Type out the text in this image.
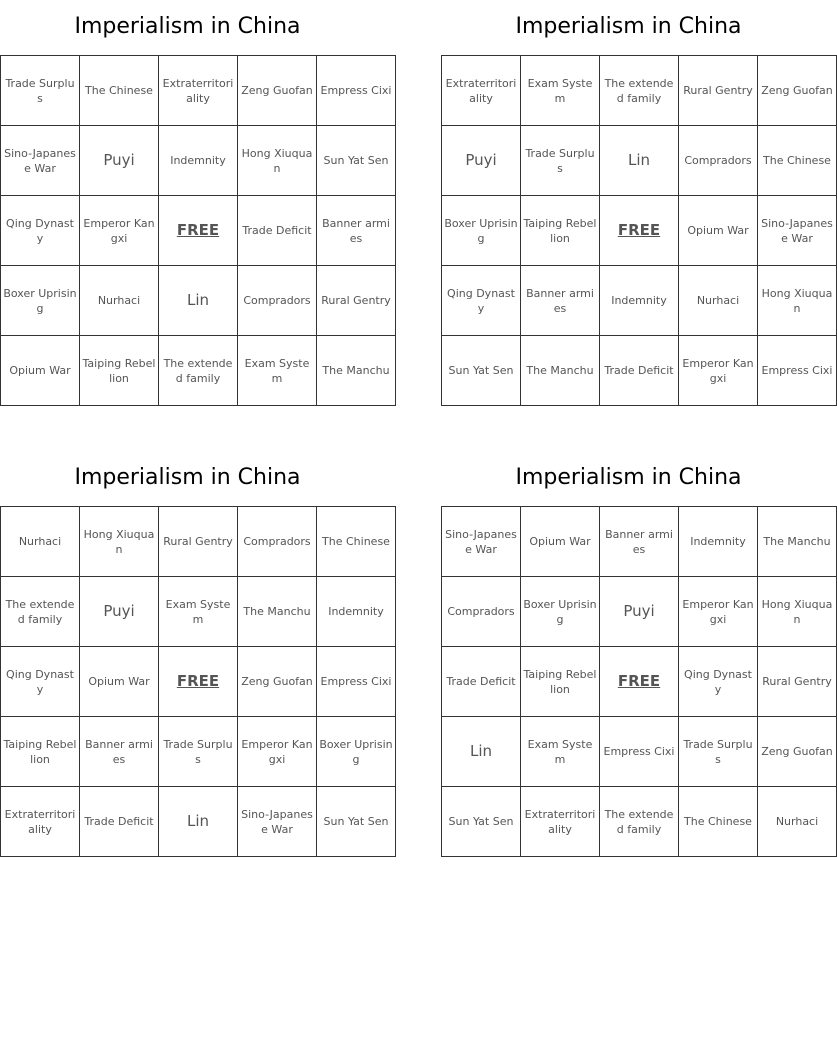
Imperialism in China
Trade Surplus	The Chinese	Extraterritoriality	Zeng Guofan	Empress Cixi
Sino-Japanese War	Puyi	Indemnity	Hong Xiuquan	Sun Yat Sen
Qing Dynasty	Emperor Kangxi	FREE	Trade Deficit	Banner armies
Boxer Uprising	Nurhaci	Lin	Compradors	Rural Gentry
Opium War	Taiping Rebellion	The extended family	Exam System	The Manchu
Imperialism in China
Extraterritoriality	Exam System	The extended family	Rural Gentry	Zeng Guofan
Puyi	Trade Surplus	Lin	Compradors	The Chinese
Boxer Uprising	Taiping Rebellion	FREE	Opium War	Sino-Japanese War
Qing Dynasty	Banner armies	Indemnity	Nurhaci	Hong Xiuquan
Sun Yat Sen	The Manchu	Trade Deficit	Emperor Kangxi	Empress Cixi
Imperialism in China
Nurhaci	Hong Xiuquan	Rural Gentry	Compradors	The Chinese
The extended family	Puyi	Exam System	The Manchu	Indemnity
Qing Dynasty	Opium War	FREE	Zeng Guofan	Empress Cixi
Taiping Rebellion	Banner armies	Trade Surplus	Emperor Kangxi	Boxer Uprising
Extraterritoriality	Trade Deficit	Lin	Sino-Japanese War	Sun Yat Sen
Imperialism in China
Sino-Japanese War	Opium War	Banner armies	Indemnity	The Manchu
Compradors	Boxer Uprising	Puyi	Emperor Kangxi	Hong Xiuquan
Trade Deficit	Taiping Rebellion	FREE	Qing Dynasty	Rural Gentry
Lin	Exam System	Empress Cixi	Trade Surplus	Zeng Guofan
Sun Yat Sen	Extraterritoriality	The extended family	The Chinese	Nurhaci
